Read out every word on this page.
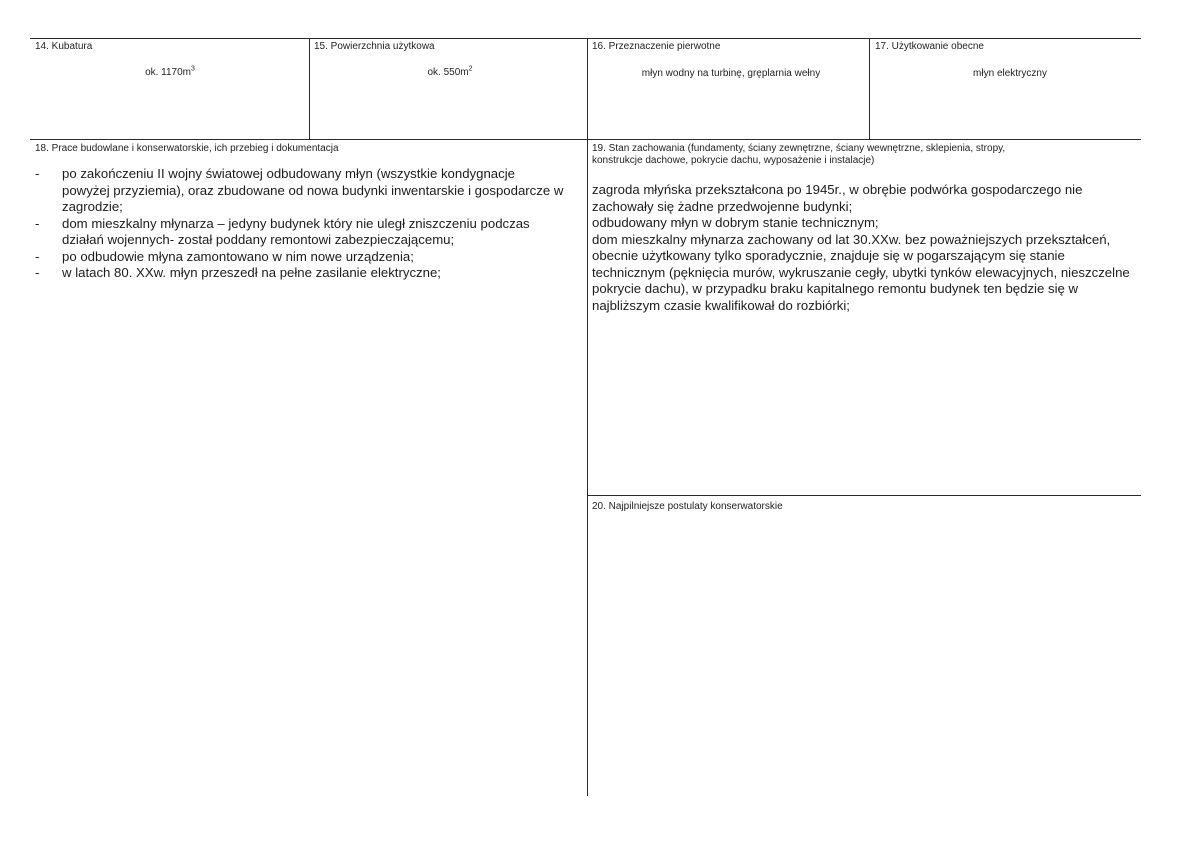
14. Kubatura
ok. $1170m^3$
15. Powierzchnia użytkowa
ok. $550m^2$
16. Przeznaczenie pierwotne
młyn wodny na turbinę, gręplarnia wełny
17. Użytkowanie obecne
młyn elektryczny
18. Prace budowlane i konserwatorskie, ich przebieg i dokumentacja
- po zakończeniu II wojny światowej odbudowany młyn (wszystkie kondygnacje powyżej przyziemia), oraz zbudowane od nowa budynki inwentarskie i gospodarcze w zagrodzie;
- dom mieszkalny młynarza – jedyny budynek który nie uległ zniszczeniu podczas działań wojennych- został poddany remontowi zabezpieczającemu;
- po odbudowie młyna zamontowano w nim nowe urządzenia;
- w latach 80. XXw. młyn przeszedł na pełne zasilanie elektryczne;
19. Stan zachowania (fundamenty, ściany zewnętrzne, ściany wewnętrzne, sklepienia, stropy,
konstrukcje dachowe, pokrycie dachu, wyposażenie i instalacje)
zagroda młyńska przekształcona po 1945r., w obrębie podwórka gospodarczego nie zachowały się żadne przedwojenne budynki;
odbudowany młyn w dobrym stanie technicznym;
dom mieszkalny młynarza zachowany od lat 30.XXw. bez poważniejszych przekształceń, obecnie użytkowany tylko sporadycznie, znajduje się w pogarszającym się stanie technicznym (pęknięcia murów, wykruszanie cegły, ubytki tynków elewacyjnych, nieszczelne pokrycie dachu), w przypadku braku kapitalnego remontu budynek ten będzie się w najbliższym czasie kwalifikował do rozbiórki;
20. Najpilniejsze postulaty konserwatorskie
